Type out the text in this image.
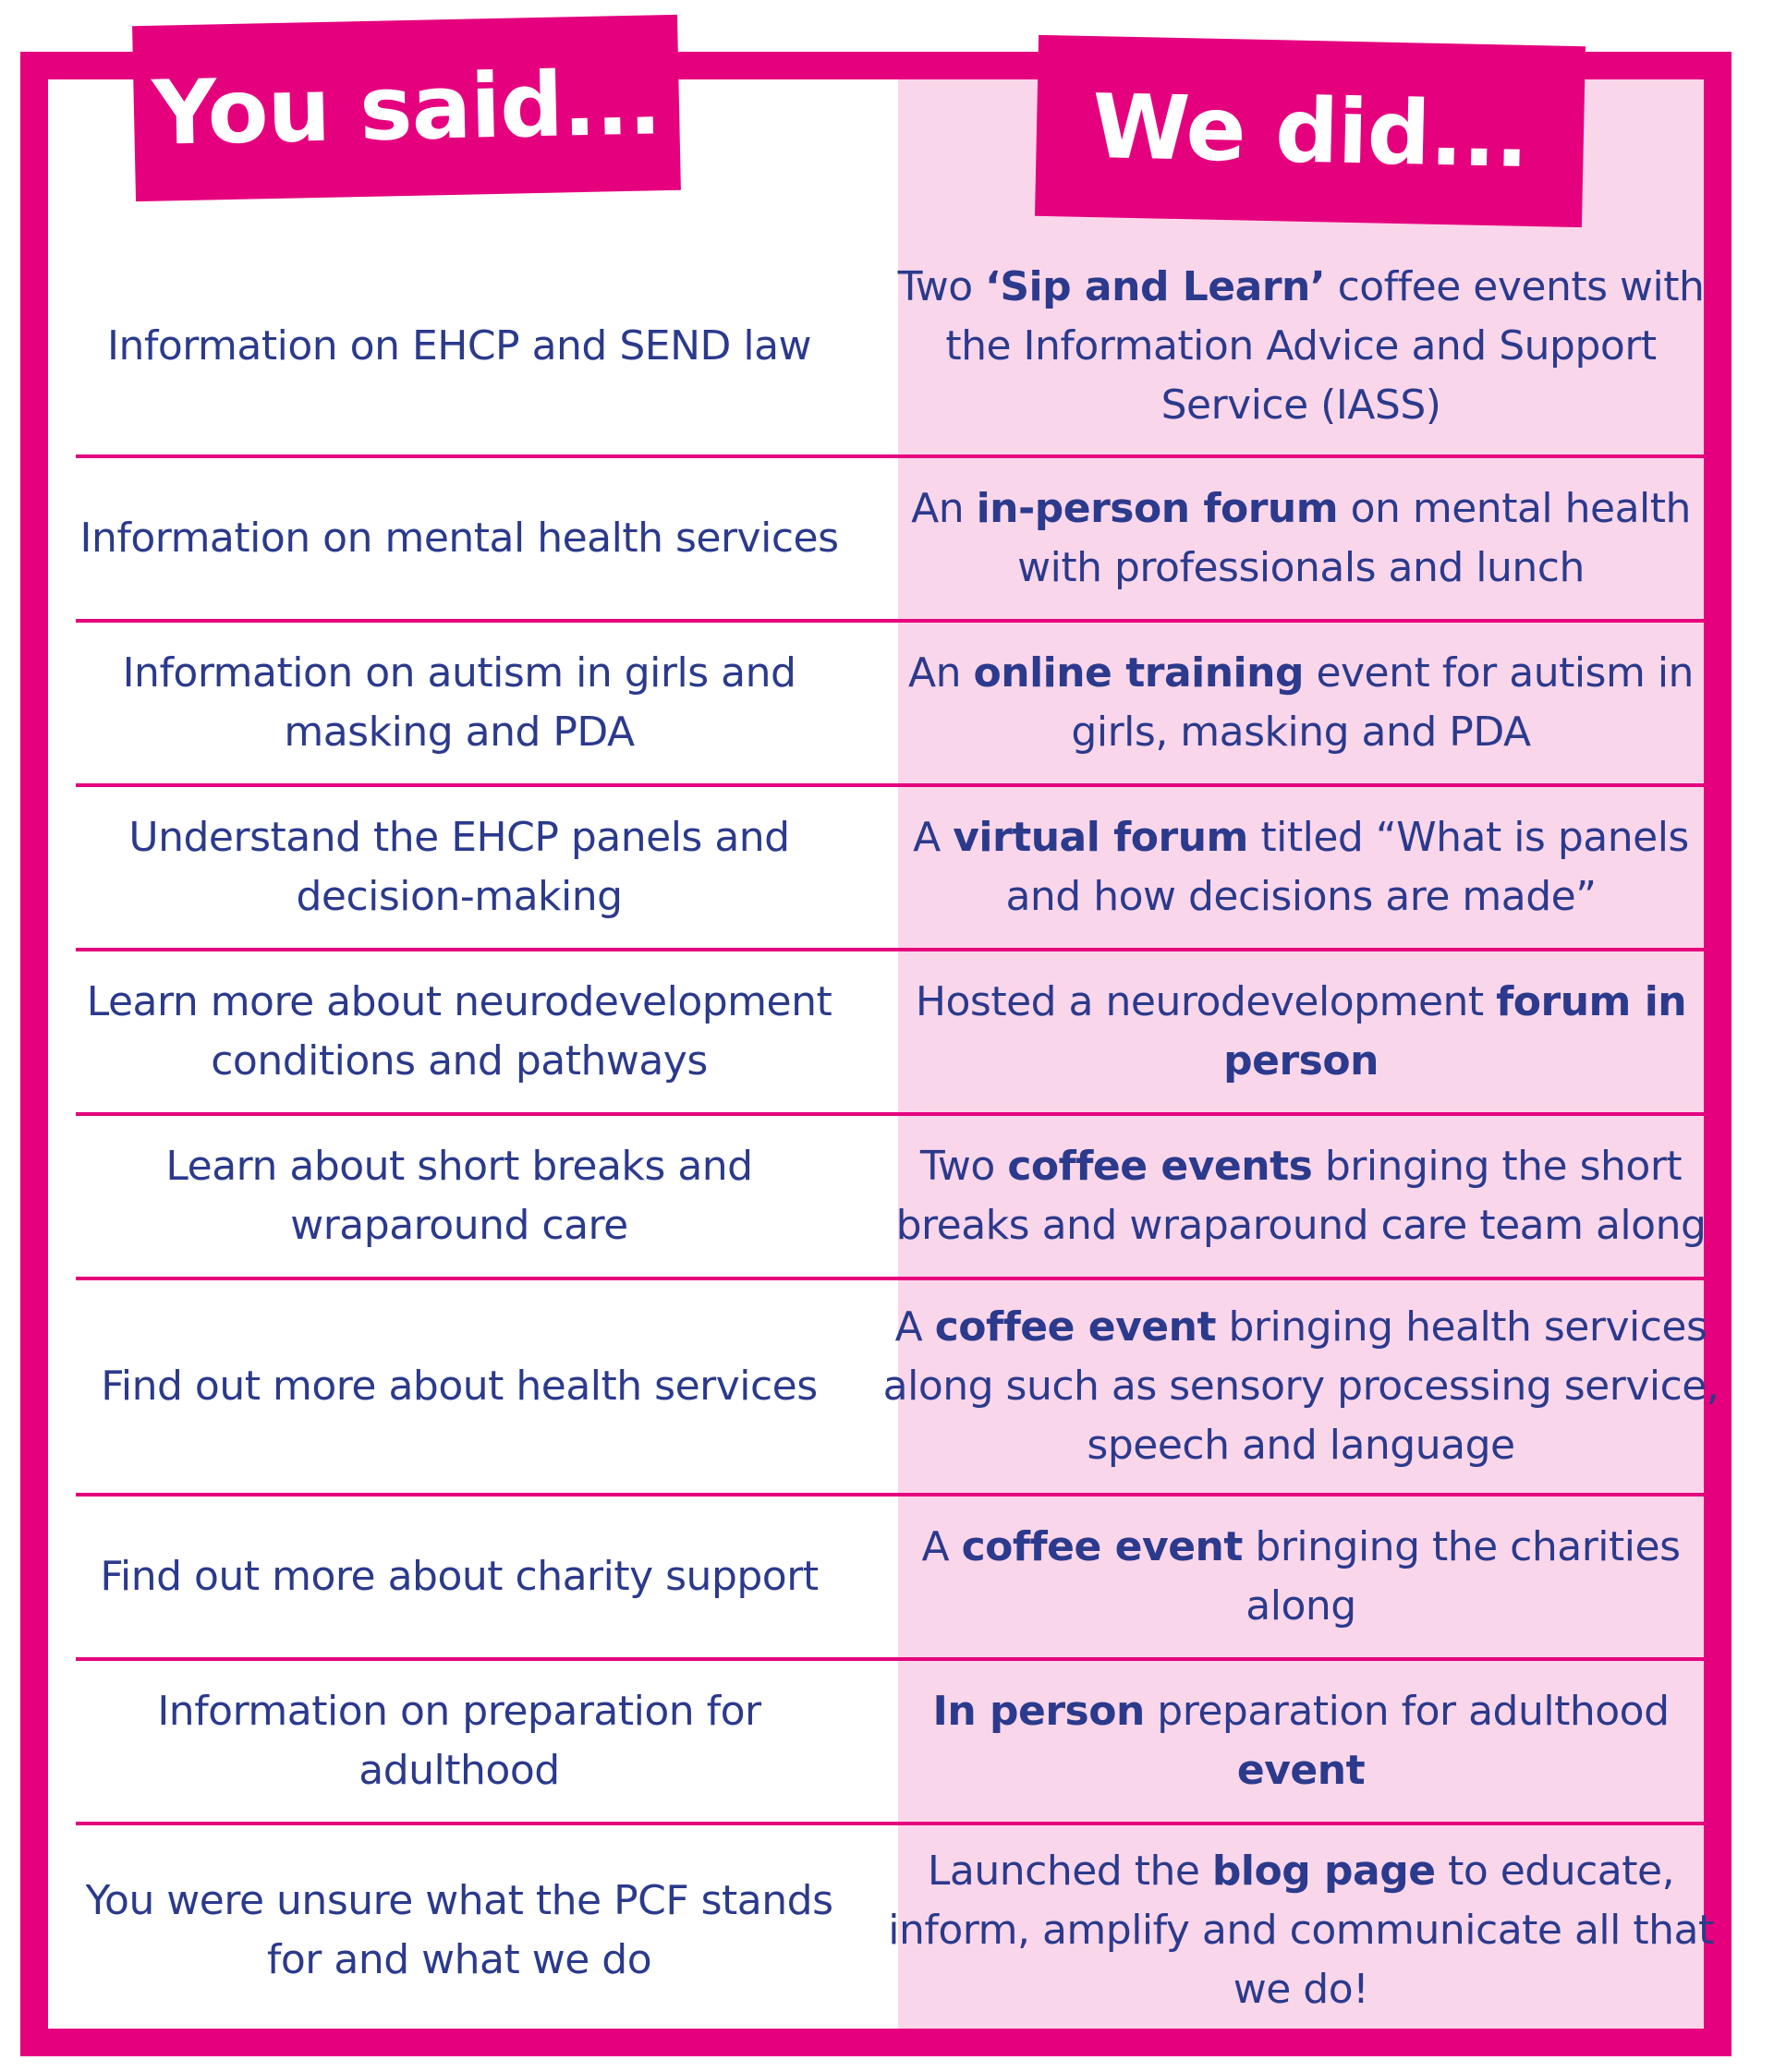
You said...	We did...
Information on EHCP and SEND law
Two ‘Sip and Learn’ coffee events with the Information Advice and Support Service (IASS)
Information on mental health services
An in-person forum on mental health with professionals and lunch
Information on autism in girls and masking and PDA
An online training event for autism in girls, masking and PDA
Understand the EHCP panels and decision-making
A virtual forum titled “What is panels and how decisions are made”
Learn more about neurodevelopment conditions and pathways
Hosted a neurodevelopment forum in person
Learn about short breaks and wraparound care
Two coffee events bringing the short breaks and wraparound care team along
Find out more about health services
A coffee event bringing health services along such as sensory processing service, speech and language
Find out more about charity support
A coffee event bringing the charities along
Information on preparation for adulthood
In person preparation for adulthood event
You were unsure what the PCF stands for and what we do
Launched the blog page to educate, inform, amplify and communicate all that we do!
